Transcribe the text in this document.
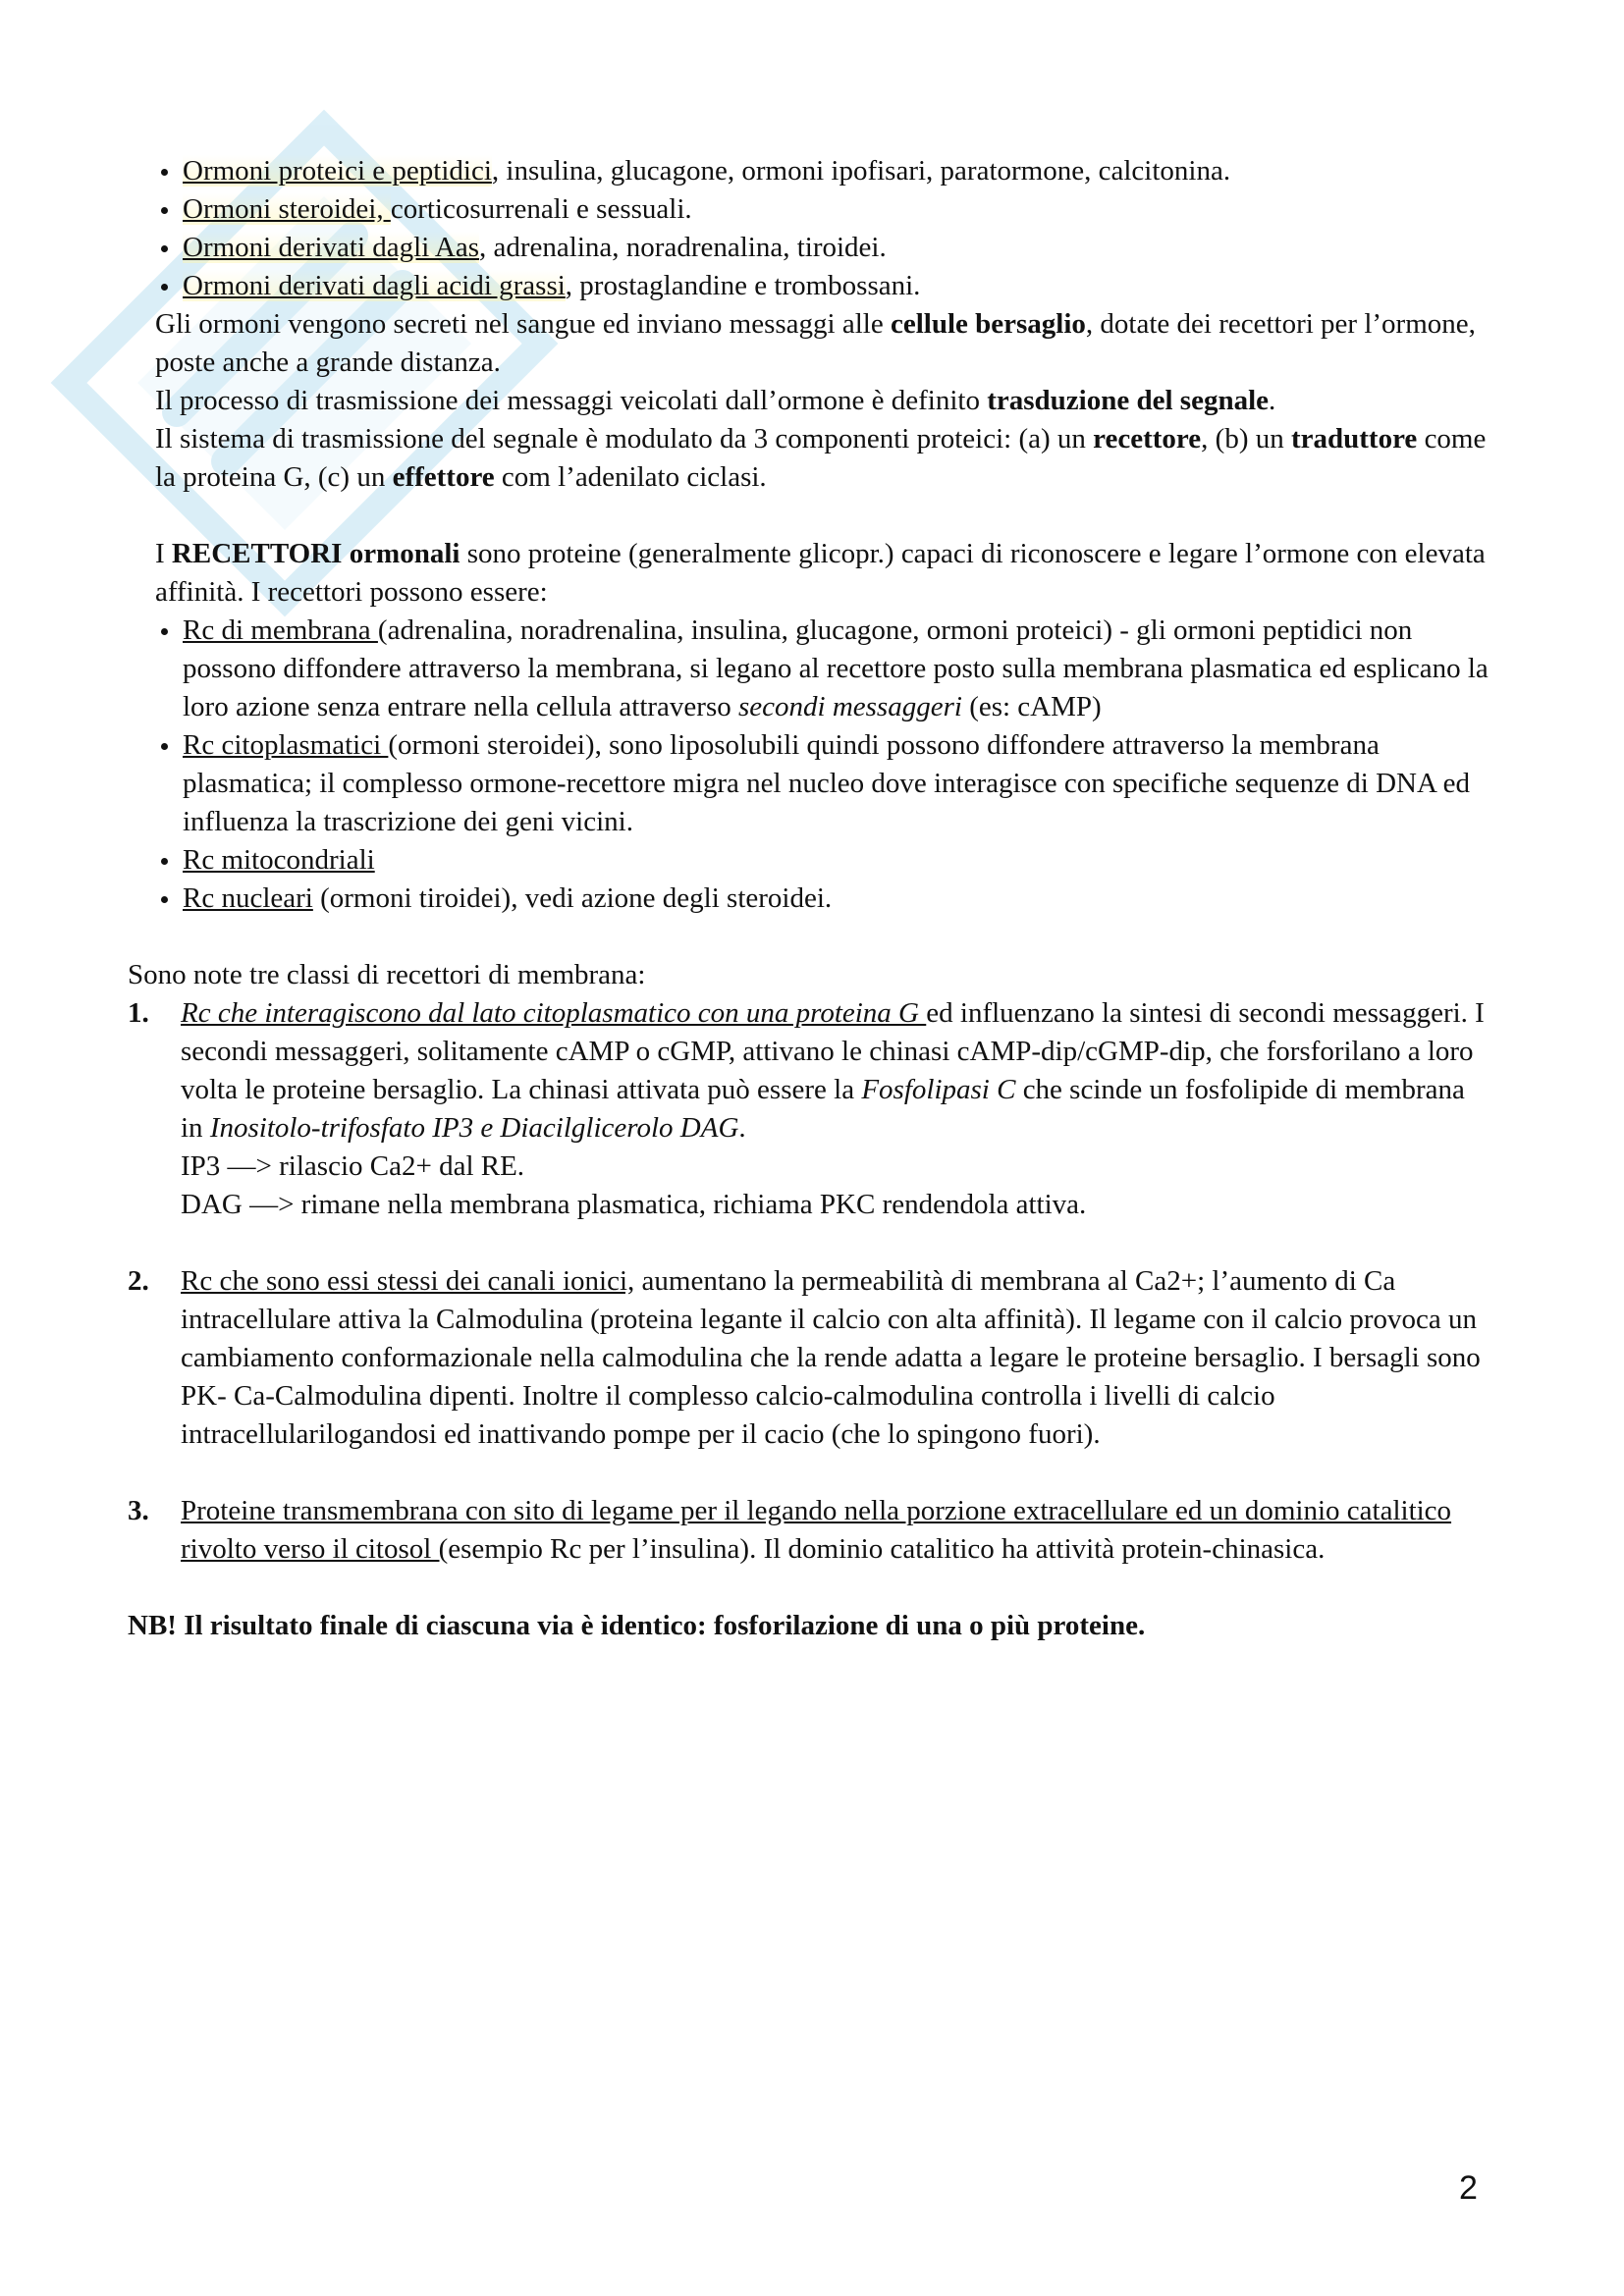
Ormoni proteici e peptidici, insulina, glucagone, ormoni ipofisari, paratormone, calcitonina.
Ormoni steroidei, corticosurrenali e sessuali.
Ormoni derivati dagli Aas, adrenalina, noradrenalina, tiroidei.
Ormoni derivati dagli acidi grassi, prostaglandine e trombossani.

Gli ormoni vengono secreti nel sangue ed inviano messaggi alle cellule bersaglio, dotate dei recettori per l’ormone, poste anche a grande distanza.

Il processo di trasmissione dei messaggi veicolati dall’ormone è definito trasduzione del segnale.

Il sistema di trasmissione del segnale è modulato da 3 componenti proteici: (a) un recettore, (b) un traduttore come la proteina G, (c) un effettore com l’adenilato ciclasi.

I RECETTORI ormonali sono proteine (generalmente glicopr.) capaci di riconoscere e legare l’ormone con elevata affinità. I recettori possono essere:

Rc di membrana (adrenalina, noradrenalina, insulina, glucagone, ormoni proteici) - gli ormoni peptidici non possono diffondere attraverso la membrana, si legano al recettore posto sulla membrana plasmatica ed esplicano la loro azione senza entrare nella cellula attraverso secondi messaggeri (es: cAMP)
Rc citoplasmatici (ormoni steroidei), sono liposolubili quindi possono diffondere attraverso la membrana plasmatica; il complesso ormone-recettore migra nel nucleo dove interagisce con specifiche sequenze di DNA ed influenza la trascrizione dei geni vicini.
Rc mitocondriali
Rc nucleari (ormoni tiroidei), vedi azione degli steroidei.

Sono note tre classi di recettori di membrana:

1. Rc che interagiscono dal lato citoplasmatico con una proteina G ed influenzano la sintesi di secondi messaggeri. I secondi messaggeri, solitamente cAMP o cGMP, attivano le chinasi cAMP-dip/cGMP-dip, che forsforilano a loro volta le proteine bersaglio. La chinasi attivata può essere la Fosfolipasi C che scinde un fosfolipide di membrana in Inositolo-trifosfato IP3 e Diacilglicerolo DAG.
IP3 —> rilascio Ca2+ dal RE.
DAG —> rimane nella membrana plasmatica, richiama PKC rendendola attiva.
2. Rc che sono essi stessi dei canali ionici, aumentano la permeabilità di membrana al Ca2+; l’aumento di Ca intracellulare attiva la Calmodulina (proteina legante il calcio con alta affinità). Il legame con il calcio provoca un cambiamento conformazionale nella calmodulina che la rende adatta a legare le proteine bersaglio. I bersagli sono PK- Ca-Calmodulina dipenti. Inoltre il complesso calcio-calmodulina controlla i livelli di calcio intracellularilogandosi ed inattivando pompe per il cacio (che lo spingono fuori).
3. Proteine transmembrana con sito di legame per il legando nella porzione extracellulare ed un dominio catalitico rivolto verso il citosol (esempio Rc per l’insulina). Il dominio catalitico ha attività protein-chinasica.

NB! Il risultato finale di ciascuna via è identico: fosforilazione di una o più proteine.

2
